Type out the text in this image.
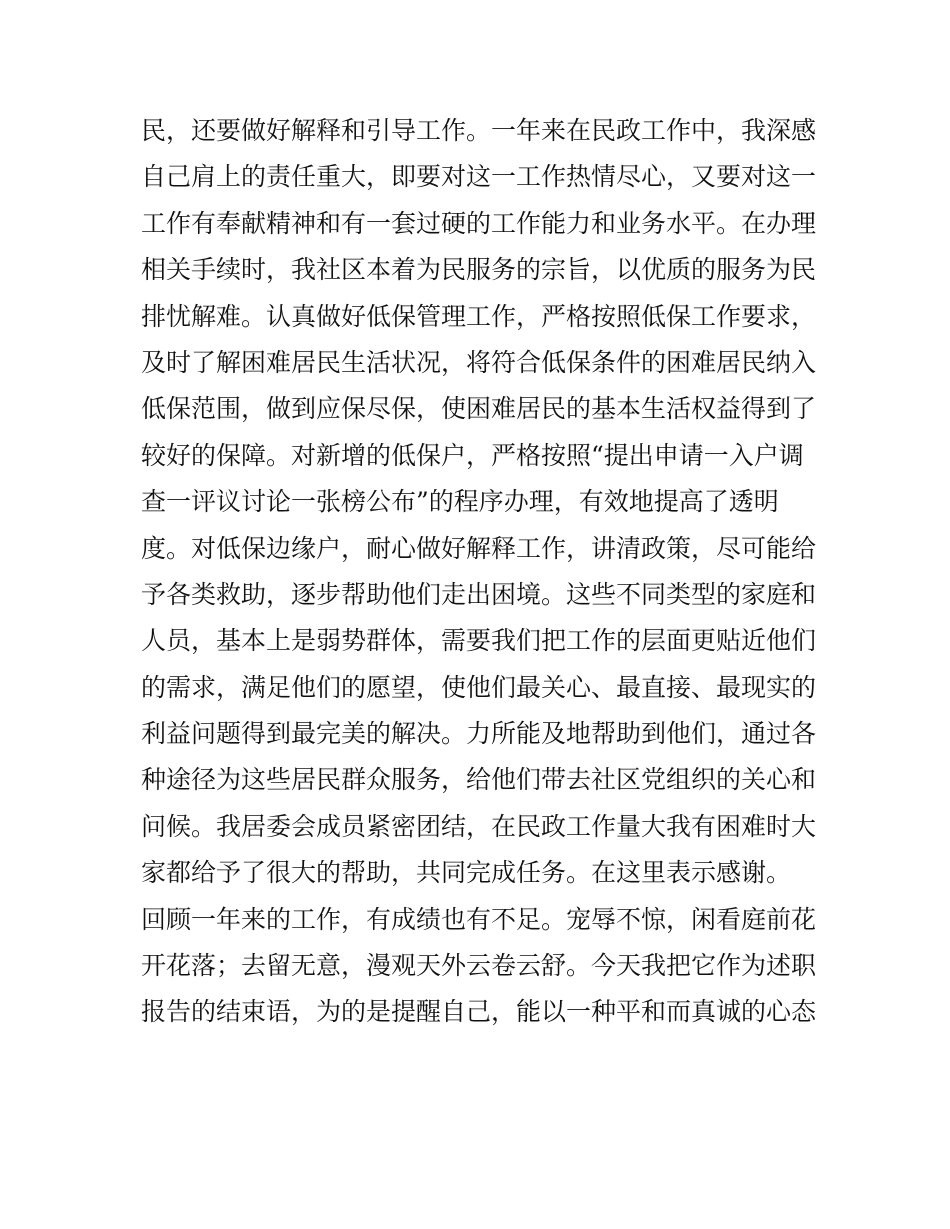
民，还要做好解释和引导工作。一年来在民政工作中，我深感
自己肩上的责任重大，即要对这一工作热情尽心，又要对这一
工作有奉献精神和有一套过硬的工作能力和业务水平。在办理
相关手续时，我社区本着为民服务的宗旨，以优质的服务为民
排忧解难。认真做好低保管理工作，严格按照低保工作要求，
及时了解困难居民生活状况，将符合低保条件的困难居民纳入
低保范围，做到应保尽保，使困难居民的基本生活权益得到了
较好的保障。对新增的低保户，严格按照“提出申请一入户调
查一评议讨论一张榜公布”的程序办理，有效地提高了透明
度。对低保边缘户，耐心做好解释工作，讲清政策，尽可能给
予各类救助，逐步帮助他们走出困境。这些不同类型的家庭和
人员，基本上是弱势群体，需要我们把工作的层面更贴近他们
的需求，满足他们的愿望，使他们最关心、最直接、最现实的
利益问题得到最完美的解决。力所能及地帮助到他们，通过各
种途径为这些居民群众服务，给他们带去社区党组织的关心和
问候。我居委会成员紧密团结，在民政工作量大我有困难时大
家都给予了很大的帮助，共同完成任务。在这里表示感谢。
回顾一年来的工作，有成绩也有不足。宠辱不惊，闲看庭前花
开花落；去留无意，漫观天外云卷云舒。今天我把它作为述职
报告的结束语，为的是提醒自己，能以一种平和而真诚的心态
